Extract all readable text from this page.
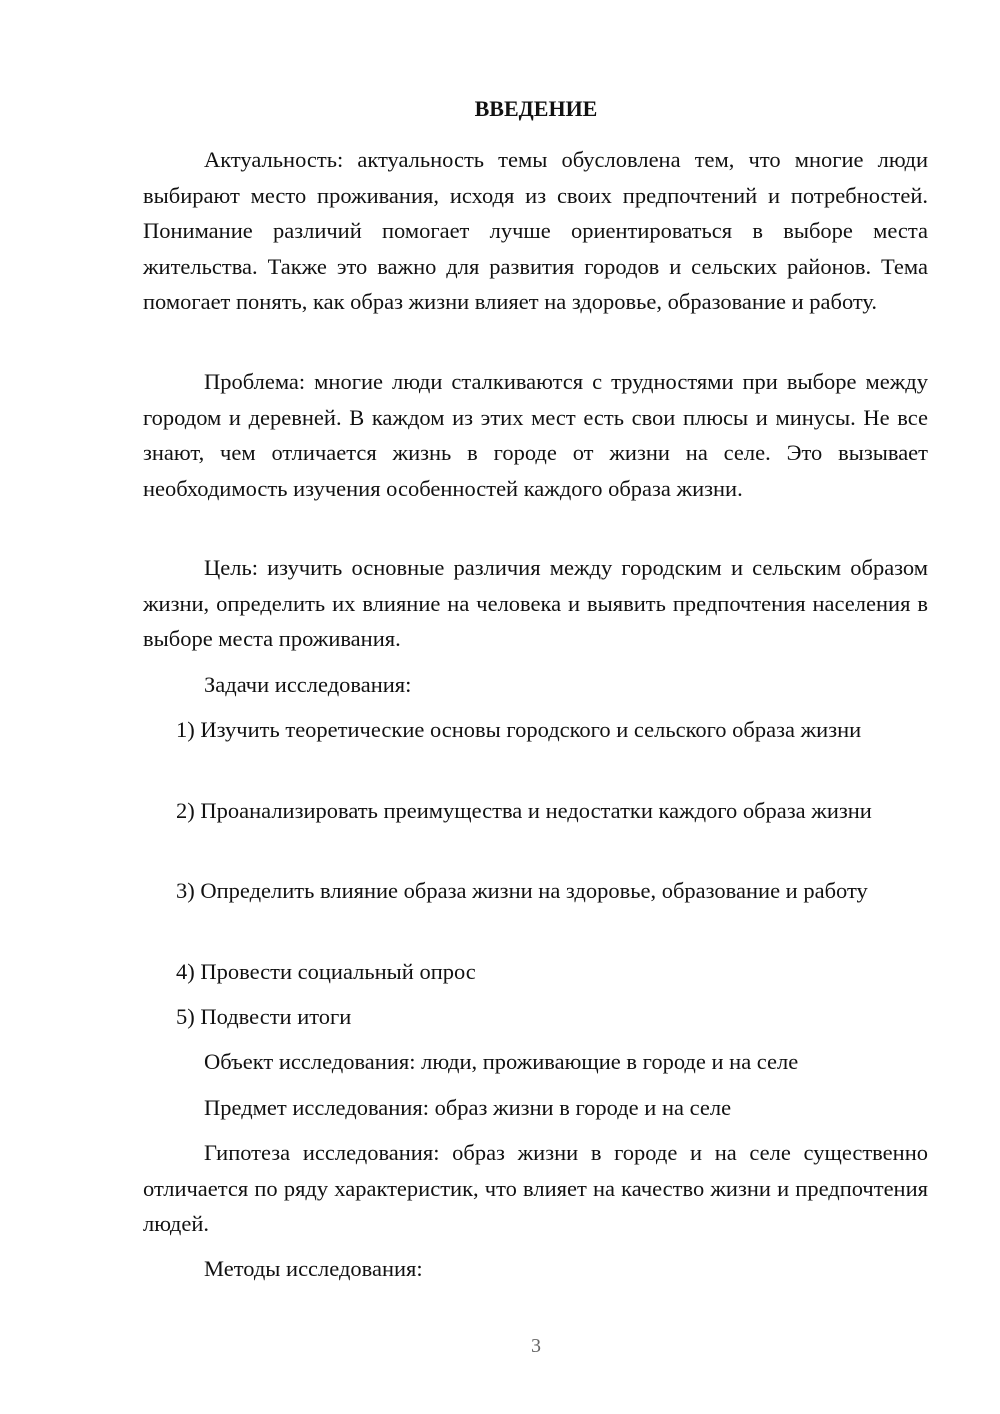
ВВЕДЕНИЕ

Актуальность: актуальность темы обусловлена тем, что многие люди выбирают место проживания, исходя из своих предпочтений и потребностей. Понимание различий помогает лучше ориентироваться в выборе места жительства. Также это важно для развития городов и сельских районов. Тема помогает понять, как образ жизни влияет на здоровье, образование и работу.

Проблема: многие люди сталкиваются с трудностями при выборе между городом и деревней. В каждом из этих мест есть свои плюсы и минусы. Не все знают, чем отличается жизнь в городе от жизни на селе. Это вызывает необходимость изучения особенностей каждого образа жизни.

Цель: изучить основные различия между городским и сельским образом жизни, определить их влияние на человека и выявить предпочтения населения в выборе места проживания.

Задачи исследования:

1) Изучить теоретические основы городского и сельского образа жизни

2) Проанализировать преимущества и недостатки каждого образа жизни

3) Определить влияние образа жизни на здоровье, образование и работу

4) Провести социальный опрос

5) Подвести итоги

Объект исследования: люди, проживающие в городе и на селе

Предмет исследования: образ жизни в городе и на селе

Гипотеза исследования: образ жизни в городе и на селе существенно отличается по ряду характеристик, что влияет на качество жизни и предпочтения людей.

Методы исследования:

3
